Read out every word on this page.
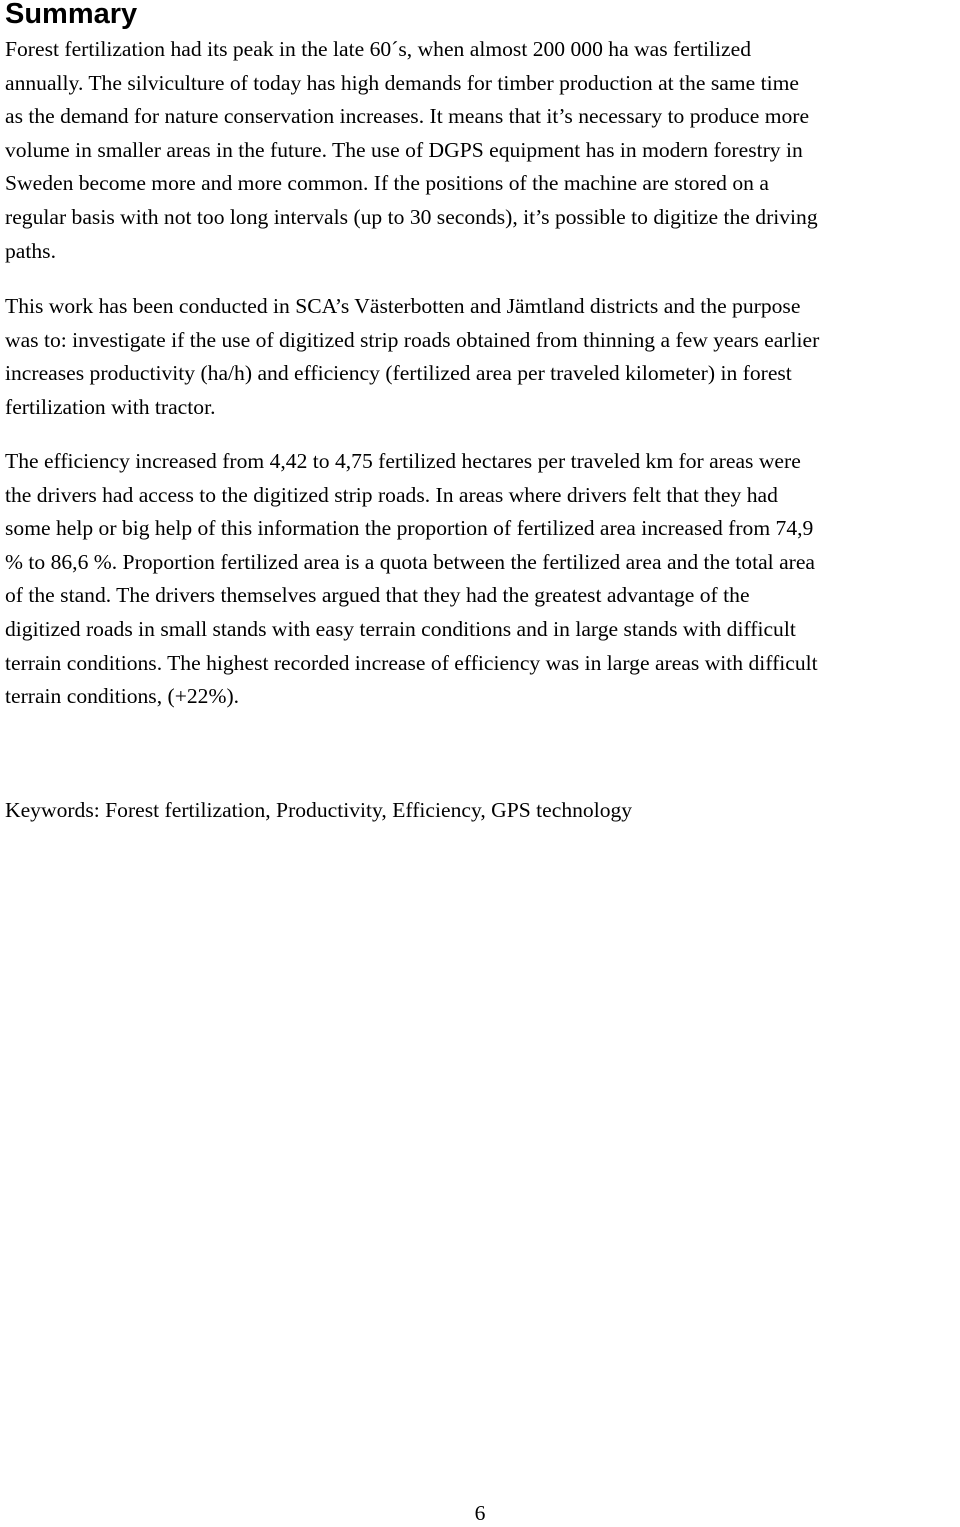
Summary
Forest fertilization had its peak in the late 60´s, when almost 200 000 ha was fertilized
annually. The silviculture of today has high demands for timber production at the same time
as the demand for nature conservation increases. It means that it’s necessary to produce more
volume in smaller areas in the future. The use of DGPS equipment has in modern forestry in
Sweden become more and more common. If the positions of the machine are stored on a
regular basis with not too long intervals (up to 30 seconds), it’s possible to digitize the driving
paths.
This work has been conducted in SCA’s Västerbotten and Jämtland districts and the purpose
was to: investigate if the use of digitized strip roads obtained from thinning a few years earlier
increases productivity (ha/h) and efficiency (fertilized area per traveled kilometer) in forest
fertilization with tractor.
The efficiency increased from 4,42 to 4,75 fertilized hectares per traveled km for areas were
the drivers had access to the digitized strip roads. In areas where drivers felt that they had
some help or big help of this information the proportion of fertilized area increased from 74,9
% to 86,6 %. Proportion fertilized area is a quota between the fertilized area and the total area
of the stand. The drivers themselves argued that they had the greatest advantage of the
digitized roads in small stands with easy terrain conditions and in large stands with difficult
terrain conditions. The highest recorded increase of efficiency was in large areas with difficult
terrain conditions, (+22%).
Keywords: Forest fertilization, Productivity, Efficiency, GPS technology
6
